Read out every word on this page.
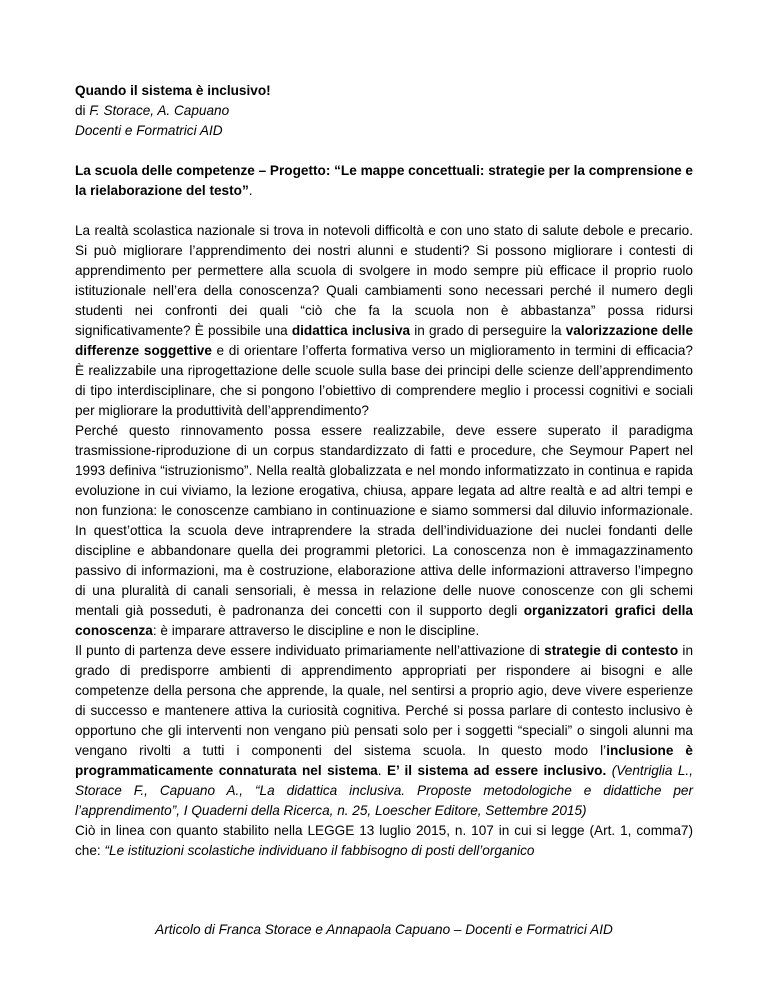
Quando il sistema è inclusivo!

di F. Storace, A. Capuano

Docenti e Formatrici AID

La scuola delle competenze – Progetto: “Le mappe concettuali: strategie per la comprensione e la rielaborazione del testo”.

La realtà scolastica nazionale si trova in notevoli difficoltà e con uno stato di salute debole e precario. Si può migliorare l’apprendimento dei nostri alunni e studenti? Si possono migliorare i contesti di apprendimento per permettere alla scuola di svolgere in modo sempre più efficace il proprio ruolo istituzionale nell’era della conoscenza? Quali cambiamenti sono necessari perché il numero degli studenti nei confronti dei quali “ciò che fa la scuola non è abbastanza” possa ridursi significativamente? È possibile una didattica inclusiva in grado di perseguire la valorizzazione delle differenze soggettive e di orientare l’offerta formativa verso un miglioramento in termini di efficacia? È realizzabile una riprogettazione delle scuole sulla base dei principi delle scienze dell’apprendimento di tipo interdisciplinare, che si pongono l’obiettivo di comprendere meglio i processi cognitivi e sociali per migliorare la produttività dell’apprendimento?

Perché questo rinnovamento possa essere realizzabile, deve essere superato il paradigma trasmissione-riproduzione di un corpus standardizzato di fatti e procedure, che Seymour Papert nel 1993 definiva “istruzionismo”. Nella realtà globalizzata e nel mondo informatizzato in continua e rapida evoluzione in cui viviamo, la lezione erogativa, chiusa, appare legata ad altre realtà e ad altri tempi e non funziona: le conoscenze cambiano in continuazione e siamo sommersi dal diluvio informazionale. In quest’ottica la scuola deve intraprendere la strada dell’individuazione dei nuclei fondanti delle discipline e abbandonare quella dei programmi pletorici. La conoscenza non è immagazzinamento passivo di informazioni, ma è costruzione, elaborazione attiva delle informazioni attraverso l’impegno di una pluralità di canali sensoriali, è messa in relazione delle nuove conoscenze con gli schemi mentali già posseduti, è padronanza dei concetti con il supporto degli organizzatori grafici della conoscenza: è imparare attraverso le discipline e non le discipline.

Il punto di partenza deve essere individuato primariamente nell’attivazione di strategie di contesto in grado di predisporre ambienti di apprendimento appropriati per rispondere ai bisogni e alle competenze della persona che apprende, la quale, nel sentirsi a proprio agio, deve vivere esperienze di successo e mantenere attiva la curiosità cognitiva. Perché si possa parlare di contesto inclusivo è opportuno che gli interventi non vengano più pensati solo per i soggetti “speciali” o singoli alunni ma vengano rivolti a tutti i componenti del sistema scuola. In questo modo l’inclusione è programmaticamente connaturata nel sistema. E’ il sistema ad essere inclusivo. (Ventriglia L., Storace F., Capuano A., “La didattica inclusiva. Proposte metodologiche e didattiche per l’apprendimento”, I Quaderni della Ricerca, n. 25, Loescher Editore, Settembre 2015)

Ciò in linea con quanto stabilito nella LEGGE 13 luglio 2015, n. 107 in cui si legge (Art. 1, comma7) che: “Le istituzioni scolastiche individuano il fabbisogno di posti dell’organico

Articolo di Franca Storace e Annapaola Capuano – Docenti e Formatrici AID
